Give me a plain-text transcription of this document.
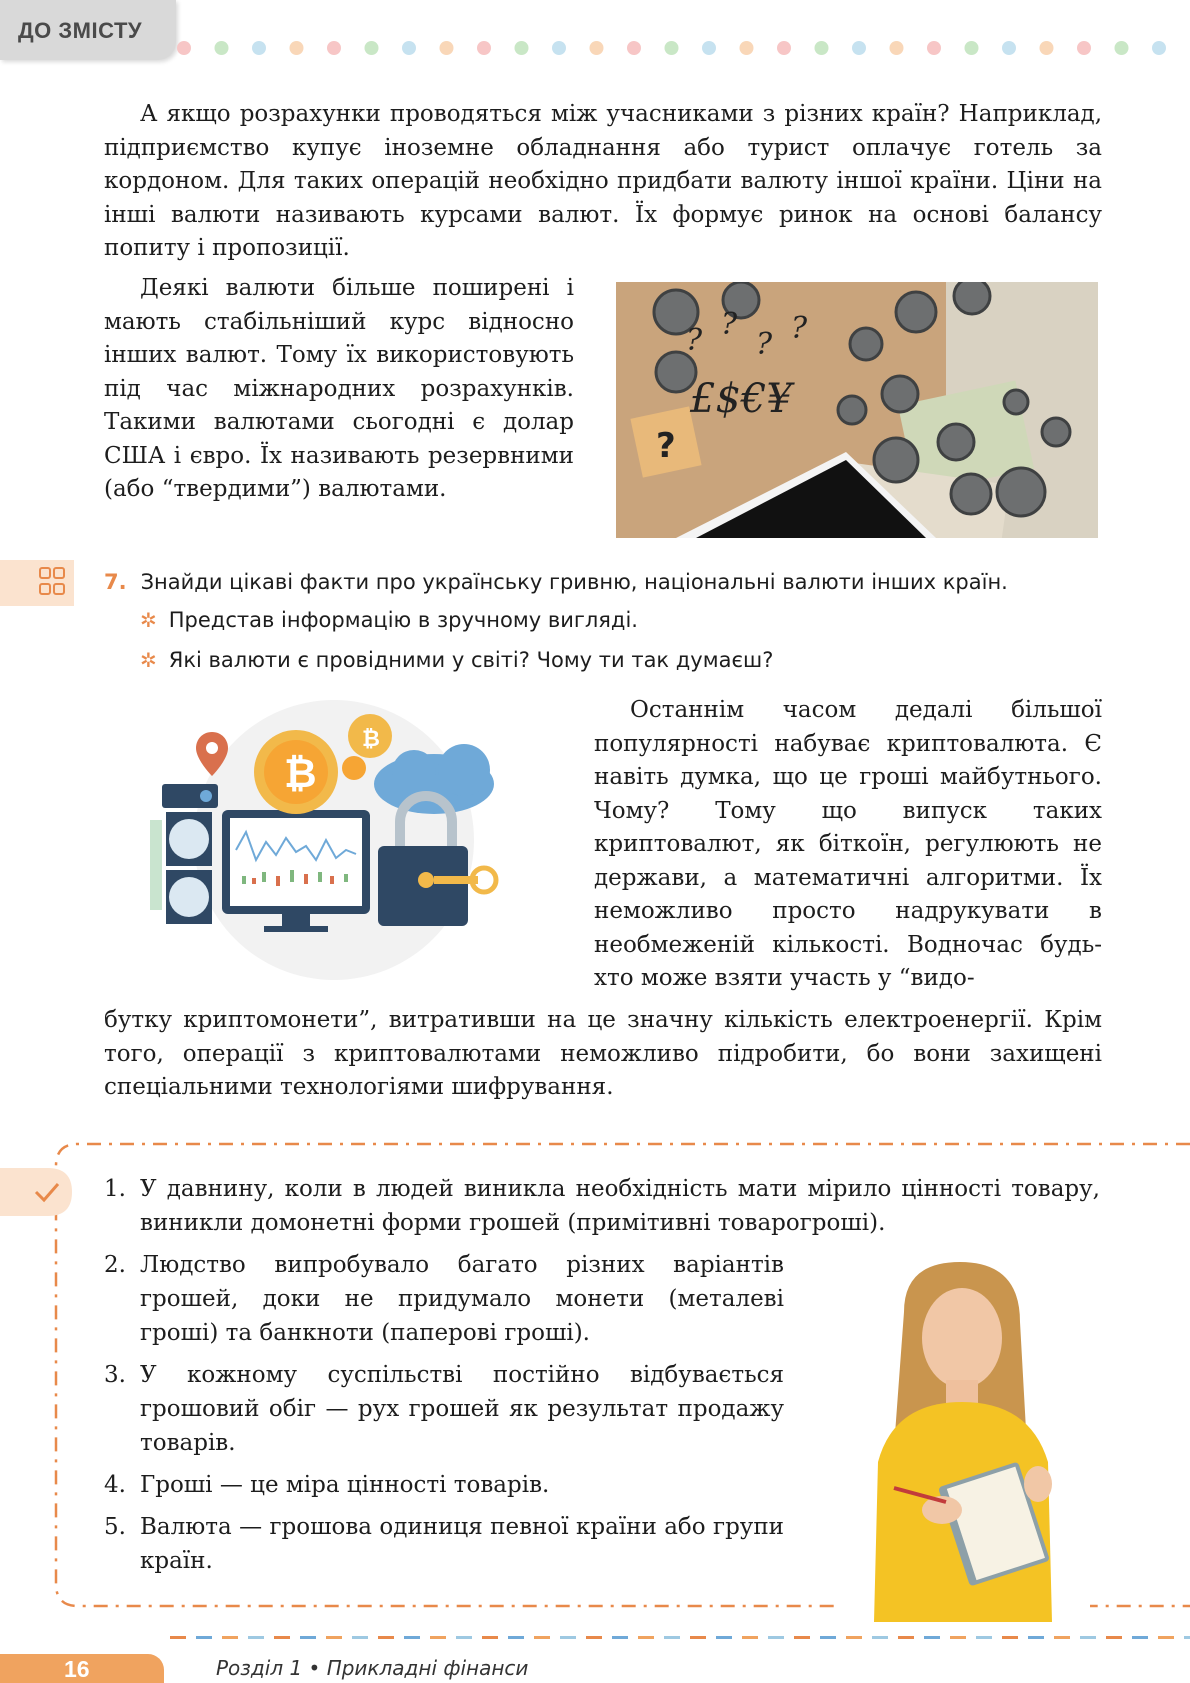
ДО ЗМІСТУ

А якщо розрахунки проводяться між учасниками з різних країн? Наприклад, підприємство купує іноземне обладнання або турист оплачує готель за кордоном. Для таких операцій необхідно придбати валюту іншої країни. Ціни на інші валюти називають курсами валют. Їх формує ринок на основі балансу попиту і пропозиції.

Деякі валюти більше поширені і мають стабільніший курс відносно інших валют. Тому їх використовують під час міжнародних розрахунків. Такими валютами сьогодні є долар США і євро. Їх називають резервними (або “твердими”) валютами.

?
? ?
? ?
£$€¥
7. Знайди цікаві факти про українську гривню, національні валюти інших країн.
✲ Представ інформацію в зручному вигляді.
✲ Які валюти є провідними у світі? Чому ти так думаєш?
₿
₿

Останнім часом дедалі більшої популярності набуває криптовалюта. Є навіть думка, що це гроші майбутнього. Чому? Тому що випуск таких криптовалют, як біткоїн, регулюють не держави, а математичні алгоритми. Їх неможливо просто надрукувати в необмеженій кількості. Водночас будь-хто може взяти участь у “видо-

бутку криптомонети”, витративши на це значну кількість електроенергії. Крім того, операції з криптовалютами неможливо підробити, бо вони захищені спеціальними технологіями шифрування.

1. У давнину, коли в людей виникла необхідність мати мірило цінності товару, виникли домонетні форми грошей (примітивні товарогроші).
2. Людство випробувало багато різних варіантів грошей, доки не придумало монети (металеві гроші) та банкноти (паперові гроші).
3. У кожному суспільстві постійно відбувається грошовий обіг — рух грошей як результат продажу товарів.
4. Гроші — це міра цінності товарів.
5. Валюта — грошова одиниця певної країни або групи країн.
16	Розділ 1 • Прикладні фінанси
